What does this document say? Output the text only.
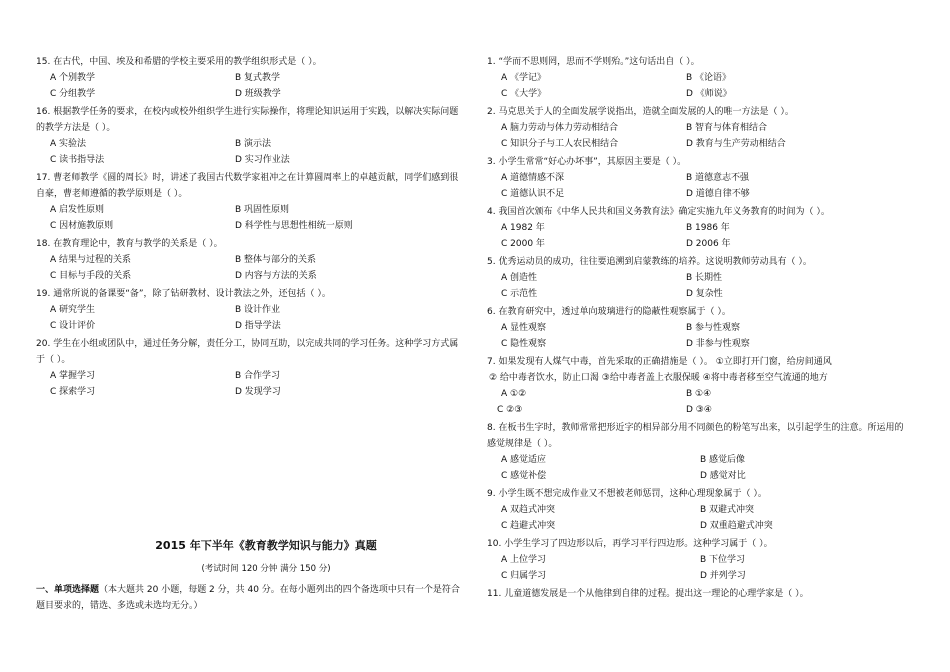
15. 在古代，中国、埃及和希腊的学校主要采用的教学组织形式是（ ）。
A 个别教学	B 复式教学
C 分组教学	D 班级教学
16. 根据教学任务的要求，在校内或校外组织学生进行实际操作，将理论知识运用于实践，以解决实际问题的教学方法是（ ）。
A 实验法	B 演示法
C 读书指导法	D 实习作业法
17. 曹老师教学《圆的周长》时，讲述了我国古代数学家祖冲之在计算圆周率上的卓越贡献，同学们感到很自豪，曹老师遵循的教学原则是（ ）。
A 启发性原则	B 巩固性原则
C 因材施教原则	D 科学性与思想性相统一原则
18. 在教育理论中，教育与教学的关系是（ ）。
A 结果与过程的关系	B 整体与部分的关系
C 目标与手段的关系	D 内容与方法的关系
19. 通常所说的备课要“备”，除了钻研教材、设计教法之外，还包括（ ）。
A 研究学生	B 设计作业
C 设计评价	D 指导学法
20. 学生在小组或团队中，通过任务分解，责任分工，协同互助，以完成共同的学习任务。这种学习方式属于（ ）。
A 掌握学习	B 合作学习
C 探索学习	D 发现学习
2015 年下半年《教育教学知识与能力》真题
(考试时间 120 分钟 满分 150 分)
一、单项选择题（本大题共 20 小题，每题 2 分，共 40 分。在每小题列出的四个备选项中只有一个是符合题目要求的，错选、多选或未选均无分。）
1. “学而不思则罔，思而不学则殆。”这句话出自（ ）。
A 《学记》	B 《论语》
C 《大学》	D 《师说》
2. 马克思关于人的全面发展学说指出，造就全面发展的人的唯一方法是（ ）。
A 脑力劳动与体力劳动相结合	B 智育与体育相结合
C 知识分子与工人农民相结合	D 教育与生产劳动相结合
3. 小学生常常“好心办坏事”，其原因主要是（ ）。
A 道德情感不深	B 道德意志不强
C 道德认识不足	D 道德自律不够
4. 我国首次颁布《中华人民共和国义务教育法》确定实施九年义务教育的时间为（ ）。
A 1982 年	B 1986 年
C 2000 年	D 2006 年
5. 优秀运动员的成功，往往要追溯到启蒙教练的培养。这说明教师劳动具有（ ）。
A 创造性	B 长期性
C 示范性	D 复杂性
6. 在教育研究中，透过单向玻璃进行的隐蔽性观察属于（ ）。
A 显性观察	B 参与性观察
C 隐性观察	D 非参与性观察
7. 如果发现有人煤气中毒，首先采取的正确措施是（ ）。 ①立即打开门窗，给房间通风
② 给中毒者饮水，防止口渴 ③给中毒者盖上衣服保暖 ④将中毒者移至空气流通的地方
A ①②	B ①④
C ②③	D ③④
8. 在板书生字时，教师常常把形近字的相异部分用不同颜色的粉笔写出来，以引起学生的注意。所运用的感觉规律是（ ）。
A 感觉适应	B 感觉后像
C 感觉补偿	D 感觉对比
9. 小学生既不想完成作业又不想被老师惩罚，这种心理现象属于（ ）。
A 双趋式冲突	B 双避式冲突
C 趋避式冲突	D 双重趋避式冲突
10. 小学生学习了四边形以后，再学习平行四边形。这种学习属于（ ）。
A 上位学习	B 下位学习
C 归属学习	D 并列学习
11. 儿童道德发展是一个从他律到自律的过程。提出这一理论的心理学家是（ ）。
